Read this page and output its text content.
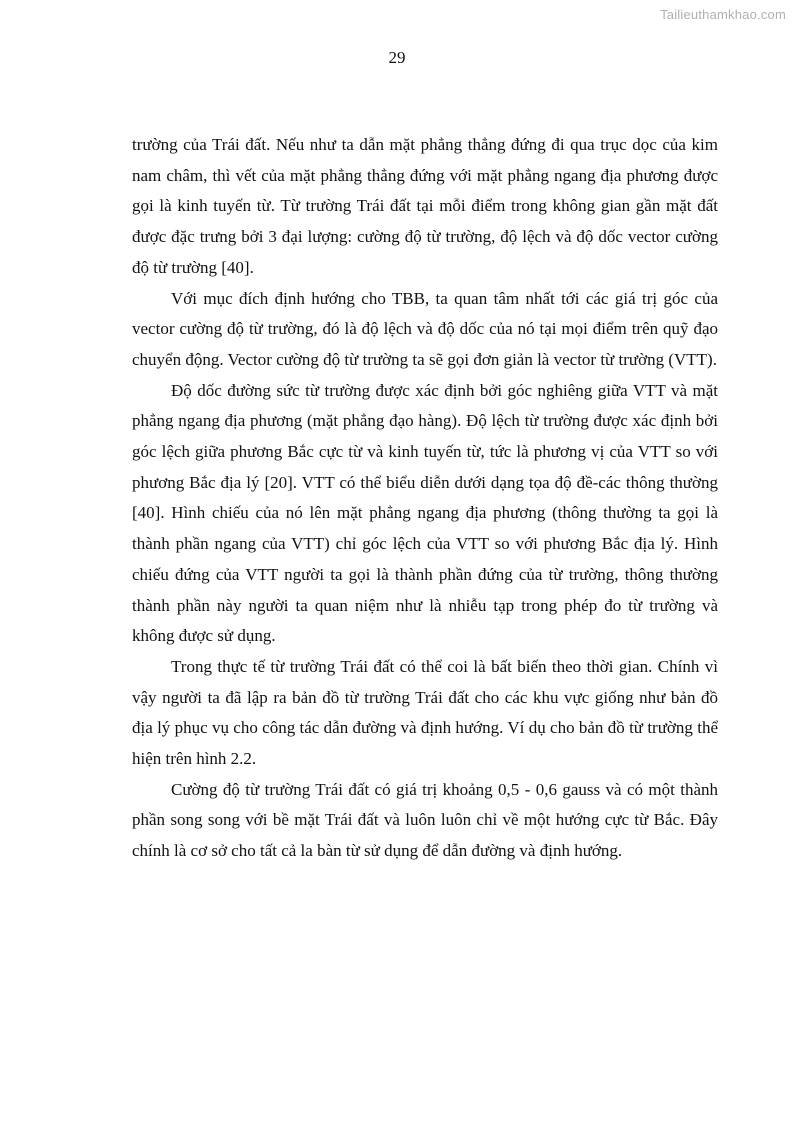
Tailieuthamkhao.com
29

trường của Trái đất. Nếu như ta dẫn mặt phẳng thẳng đứng đi qua trục dọc của kim nam châm, thì vết của mặt phẳng thẳng đứng với mặt phẳng ngang địa phương được gọi là kinh tuyến từ. Từ trường Trái đất tại mỗi điểm trong không gian gần mặt đất được đặc trưng bởi 3 đại lượng: cường độ từ trường, độ lệch và độ dốc vector cường độ từ trường [40].

Với mục đích định hướng cho TBB, ta quan tâm nhất tới các giá trị góc của vector cường độ từ trường, đó là độ lệch và độ dốc của nó tại mọi điểm trên quỹ đạo chuyển động. Vector cường độ từ trường ta sẽ gọi đơn giản là vector từ trường (VTT).

Độ dốc đường sức từ trường được xác định bởi góc nghiêng giữa VTT và mặt phẳng ngang địa phương (mặt phẳng đạo hàng). Độ lệch từ trường được xác định bởi góc lệch giữa phương Bắc cực từ và kinh tuyến từ, tức là phương vị của VTT so với phương Bắc địa lý [20]. VTT có thể biểu diễn dưới dạng tọa độ đề-các thông thường [40]. Hình chiếu của nó lên mặt phẳng ngang địa phương (thông thường ta gọi là thành phần ngang của VTT) chỉ góc lệch của VTT so với phương Bắc địa lý. Hình chiếu đứng của VTT người ta gọi là thành phần đứng của từ trường, thông thường thành phần này người ta quan niệm như là nhiễu tạp trong phép đo từ trường và không được sử dụng.

Trong thực tế từ trường Trái đất có thể coi là bất biến theo thời gian. Chính vì vậy người ta đã lập ra bản đồ từ trường Trái đất cho các khu vực giống như bản đồ địa lý phục vụ cho công tác dẫn đường và định hướng. Ví dụ cho bản đồ từ trường thể hiện trên hình 2.2.

Cường độ từ trường Trái đất có giá trị khoảng 0,5 - 0,6 gauss và có một thành phần song song với bề mặt Trái đất và luôn luôn chỉ về một hướng cực từ Bắc. Đây chính là cơ sở cho tất cả la bàn từ sử dụng để dẫn đường và định hướng.
